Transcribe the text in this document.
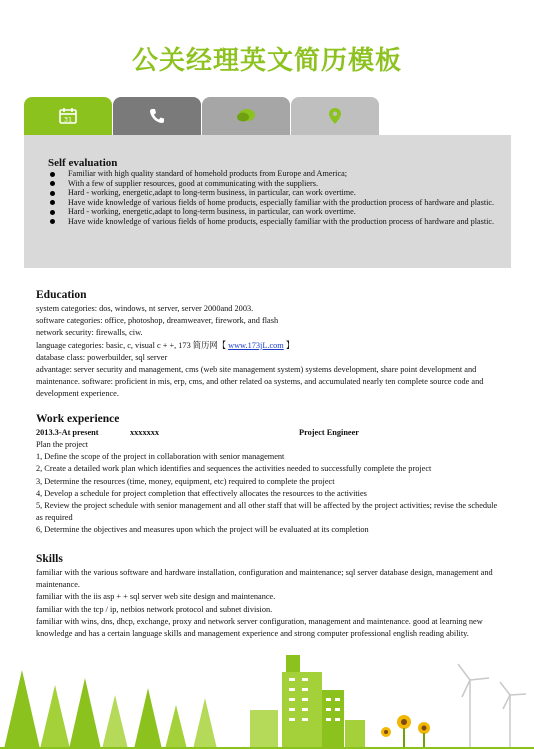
公关经理英文简历模板
31
Self evaluation
Familiar with high quality standard of homehold products from Europe and America;
With a few of supplier resources, good at communicating with the suppliers.
Hard - working, energetic,adapt to long-term business, in particular, can work overtime.
Have wide knowledge of various fields of home products, especially familiar with the production process of hardware and plastic.
Hard - working, energetic,adapt to long-term business, in particular, can work overtime.
Have wide knowledge of various fields of home products, especially familiar with the production process of hardware and plastic.
Education
system categories: dos, windows, nt server, server 2000and 2003.
software categories: office, photoshop, dreamweaver, firework, and flash
network security: firewalls, ciw.
language categories: basic, c, visual c + +, 173 简历网【 www.173jL.com 】
database class: powerbuilder, sql server
advantage: server security and management, cms (web site management system) systems development, share point development and maintenance. software: proficient in mis, erp, cms, and other related oa systems, and accumulated nearly ten complete source code and development experience.
Work experience
2013.3-At present	xxxxxxx	Project Engineer
Plan the project
1, Define the scope of the project in collaboration with senior management
2, Create a detailed work plan which identifies and sequences the activities needed to successfully complete the project
3, Determine the resources (time, money, equipment, etc) required to complete the project
4, Develop a schedule for project completion that effectively allocates the resources to the activities
5, Review the project schedule with senior management and all other staff that will be affected by the project activities; revise the schedule as required
6, Determine the objectives and measures upon which the project will be evaluated at its completion
Skills
familiar with the various software and hardware installation, configuration and maintenance; sql server database design, management and maintenance.
familiar with the iis asp + + sql server web site design and maintenance.
familiar with the tcp / ip, netbios network protocol and subnet division.
familiar with wins, dns, dhcp, exchange, proxy and network server configuration, management and maintenance. good at learning new knowledge and has a certain language skills and management experience and strong computer professional english reading ability.
